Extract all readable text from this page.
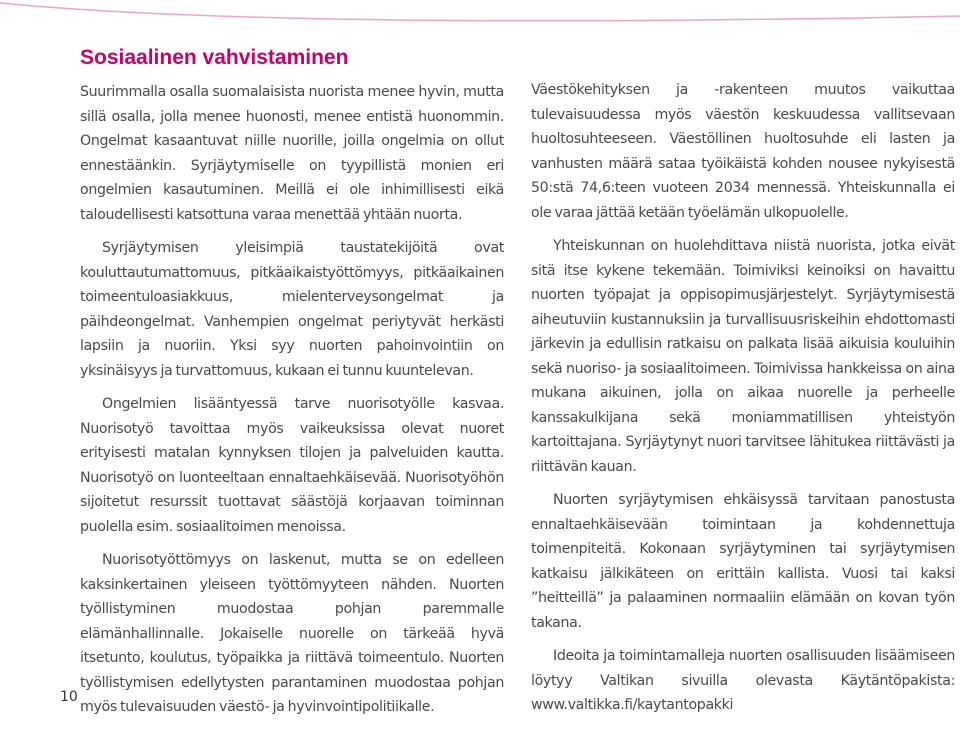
Sosiaalinen vahvistaminen

Suurimmalla osalla suomalaisista nuorista menee hyvin, mutta sillä osalla, jolla menee huonosti, menee entistä huonommin. Ongelmat kasaantuvat niille nuorille, joilla ongelmia on ollut ennestäänkin. Syrjäytymiselle on tyypillistä monien eri ongelmien kasautuminen. Meillä ei ole inhimillisesti eikä taloudellisesti katsottuna varaa menettää yhtään nuorta.

Syrjäytymisen yleisimpiä taustatekijöitä ovat kouluttautumattomuus, pitkäaikaistyöttömyys, pitkäaikainen toimeentuloasiakkuus, mielenterveysongelmat ja päihdeongelmat. Vanhempien ongelmat periytyvät herkästi lapsiin ja nuoriin. Yksi syy nuorten pahoinvointiin on yksinäisyys ja turvattomuus, kukaan ei tunnu kuuntelevan.

Ongelmien lisääntyessä tarve nuorisotyölle kasvaa. Nuorisotyö tavoittaa myös vaikeuksissa olevat nuoret erityisesti matalan kynnyksen tilojen ja palveluiden kautta. Nuorisotyö on luonteeltaan ennaltaehkäisevää. Nuorisotyöhön sijoitetut resurssit tuottavat säästöjä korjaavan toiminnan puolella esim. sosiaalitoimen menoissa.

Nuorisotyöttömyys on laskenut, mutta se on edelleen kaksinkertainen yleiseen työttömyyteen nähden. Nuorten työllistyminen muodostaa pohjan paremmalle elämänhallinnalle. Jokaiselle nuorelle on tärkeää hyvä itsetunto, koulutus, työpaikka ja riittävä toimeentulo. Nuorten työllistymisen edellytysten parantaminen muodostaa pohjan myös tulevaisuuden väestö- ja hyvinvointipolitiikalle.

Väestökehityksen ja -rakenteen muutos vaikuttaa tulevaisuudessa myös väestön keskuudessa vallitsevaan huoltosuhteeseen. Väestöllinen huoltosuhde eli lasten ja vanhusten määrä sataa työikäistä kohden nousee nykyisestä 50:stä 74,6:teen vuoteen 2034 mennessä. Yhteiskunnalla ei ole varaa jättää ketään työelämän ulkopuolelle.

Yhteiskunnan on huolehdittava niistä nuorista, jotka eivät sitä itse kykene tekemään. Toimiviksi keinoiksi on havaittu nuorten työpajat ja oppisopimusjärjestelyt. Syrjäytymisestä aiheutuviin kustannuksiin ja turvallisuusriskeihin ehdottomasti järkevin ja edullisin ratkaisu on palkata lisää aikuisia kouluihin sekä nuoriso- ja sosiaalitoimeen. Toimivissa hankkeissa on aina mukana aikuinen, jolla on aikaa nuorelle ja perheelle kanssakulkijana sekä moniammatillisen yhteistyön kartoittajana. Syrjäytynyt nuori tarvitsee lähitukea riittävästi ja riittävän kauan.

Nuorten syrjäytymisen ehkäisyssä tarvitaan panostusta ennaltaehkäisevään toimintaan ja kohdennettuja toimenpiteitä. Kokonaan syrjäytyminen tai syrjäytymisen katkaisu jälkikäteen on erittäin kallista. Vuosi tai kaksi ”heitteillä” ja palaaminen normaaliin elämään on kovan työn takana.

Ideoita ja toimintamalleja nuorten osallisuuden lisäämiseen löytyy Valtikan sivuilla olevasta Käytäntöpakista: www.valtikka.fi/kaytantopakki

10
